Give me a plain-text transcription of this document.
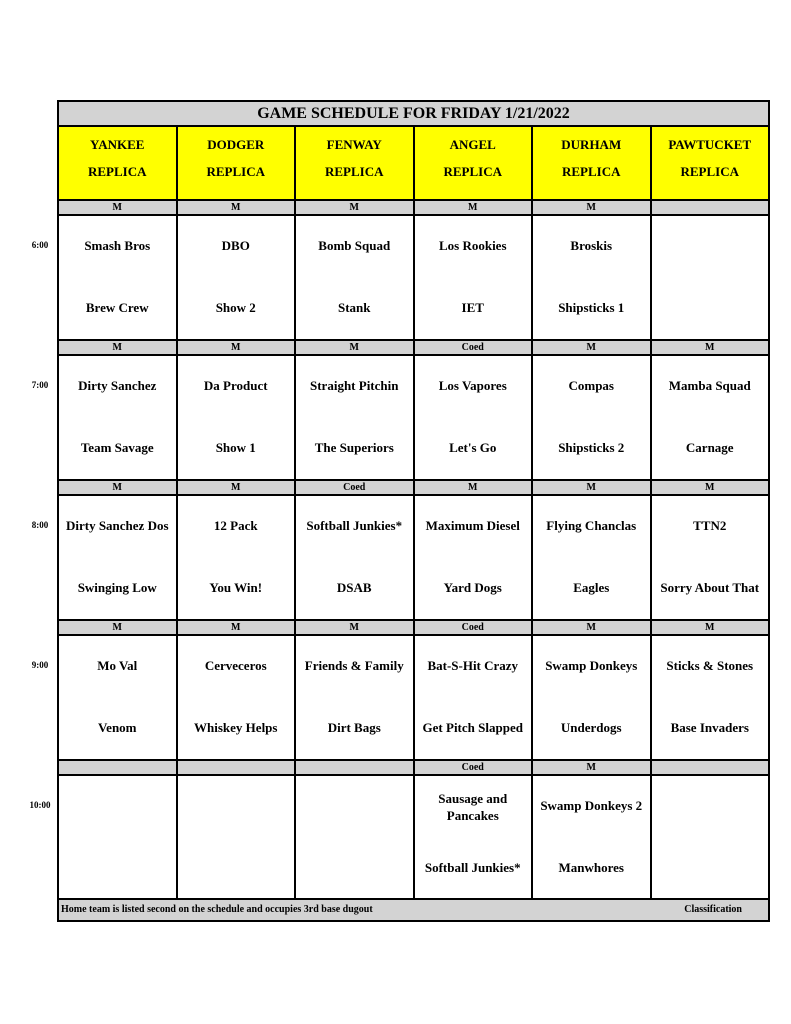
6:00
7:00
8:00
9:00
10:00
GAME SCHEDULE FOR FRIDAY 1/21/2022
YANKEE
REPLICA
DODGER
REPLICA
FENWAY
REPLICA
ANGEL
REPLICA
DURHAM
REPLICA
PAWTUCKET
REPLICA
M
Smash Bros
Brew Crew
M
DBO
Show 2
M
Bomb Squad
Stank
M
Los Rookies
IET
M
Broskis
Shipsticks 1
M
Dirty Sanchez
Team Savage
M
Da Product
Show 1
M
Straight Pitchin
The Superiors
Coed
Los Vapores
Let's Go
M
Compas
Shipsticks 2
M
Mamba Squad
Carnage
M
Dirty Sanchez Dos
Swinging Low
M
12 Pack
You Win!
Coed
Softball Junkies*
DSAB
M
Maximum Diesel
Yard Dogs
M
Flying Chanclas
Eagles
M
TTN2
Sorry About That
M
Mo Val
Venom
M
Cerveceros
Whiskey Helps
M
Friends & Family
Dirt Bags
Coed
Bat-S-Hit Crazy
Get Pitch Slapped
M
Swamp Donkeys
Underdogs
M
Sticks & Stones
Base Invaders
Coed
Sausage and Pancakes
Softball Junkies*
M
Swamp Donkeys 2
Manwhores
Home team is listed second on the schedule and occupies 3rd base dugout	Classification
